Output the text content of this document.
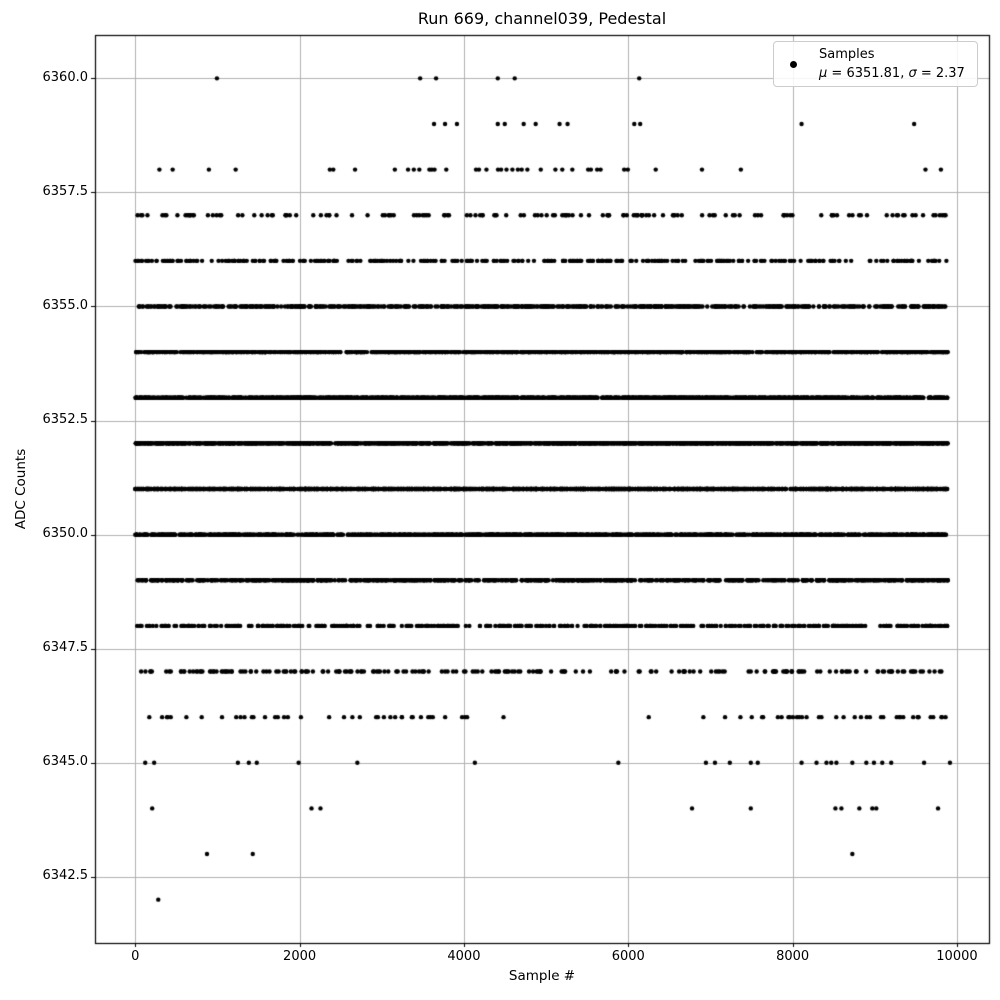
Run 669, channel039, Pedestal
Sample #
ADC Counts
0	2000	4000	6000	8000	10000
6342.5
6345.0
6347.5
6350.0
6352.5
6355.0
6357.5
6360.0
Samples
μ = 6351.81, σ = 2.37
